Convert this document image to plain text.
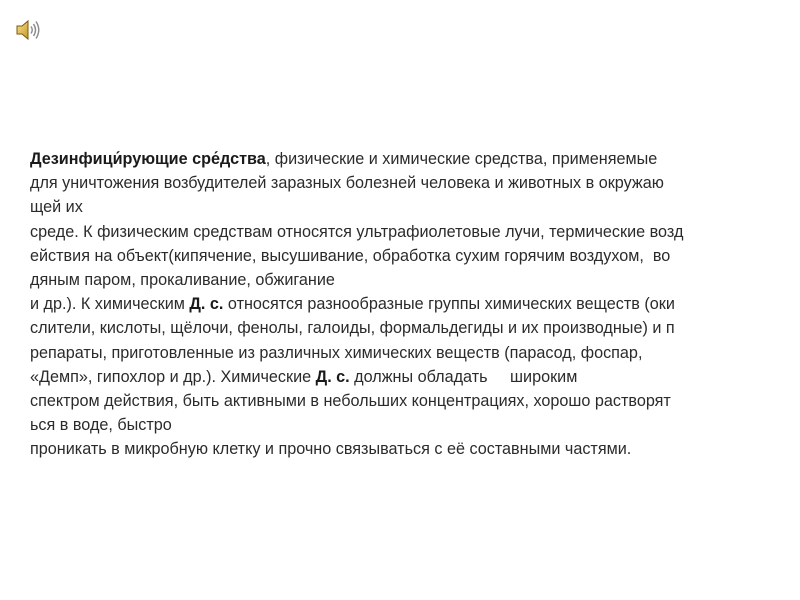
Дезинфици́рующие сре́дства, физические и химические средства, применяемые
для уничтожения возбудителей заразных болезней человека и животных в окружаю
щей их
среде. К физическим средствам относятся ультрафиолетовые лучи, термические возд
ействия на объект(кипячение, высушивание, обработка сухим горячим воздухом,  во
дяным паром, прокаливание, обжигание
и др.). К химическим Д. с. относятся разнообразные группы химических веществ (оки
слители, кислоты, щёлочи, фенолы, галоиды, формальдегиды и их производные) и п
репараты, приготовленные из различных химических веществ (парасод, фоспар,
«Демп», гипохлор и др.). Химические Д. с. должны обладать     широким
спектром действия, быть активными в небольших концентрациях, хорошо растворят
ься в воде, быстро
проникать в микробную клетку и прочно связываться с её составными частями.
